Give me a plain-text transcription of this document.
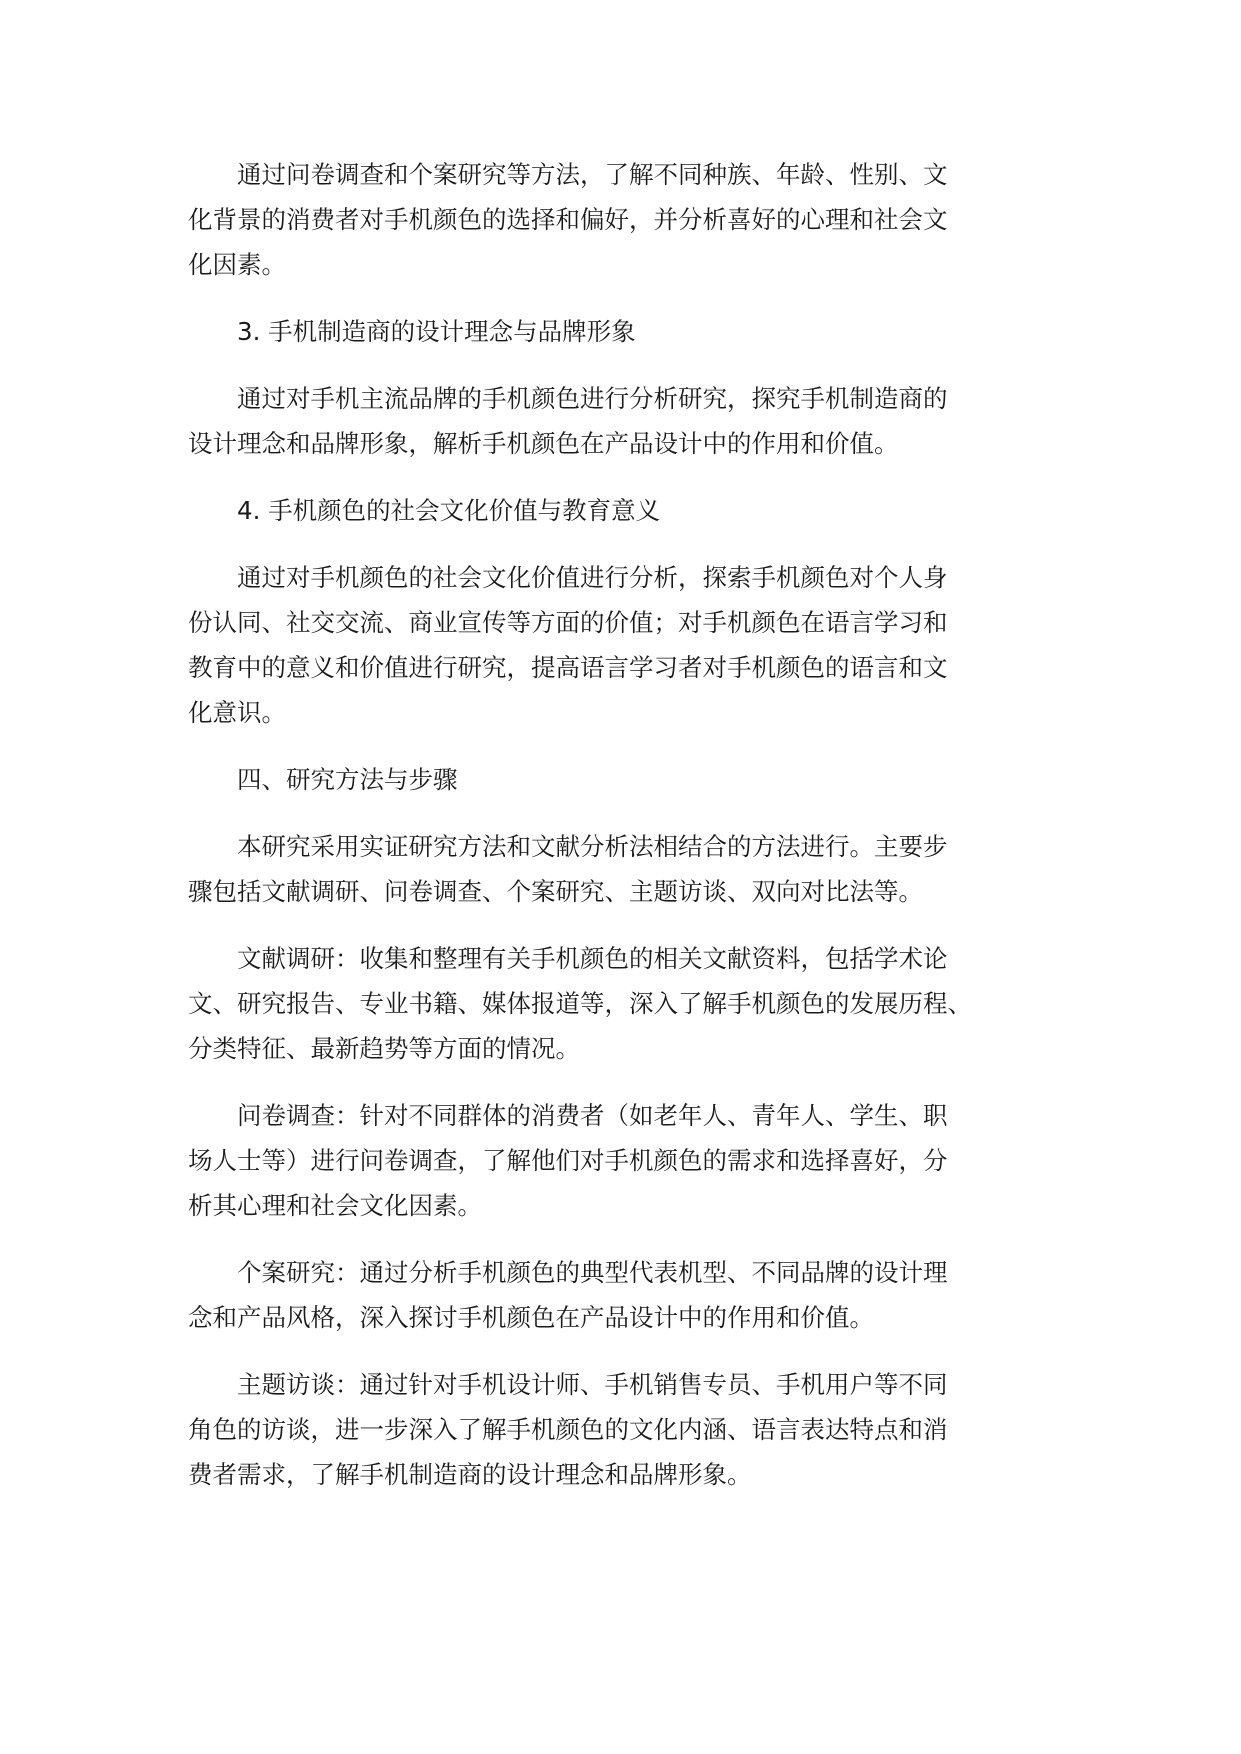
通过问卷调查和个案研究等方法，了解不同种族、年龄、性别、文
化背景的消费者对手机颜色的选择和偏好，并分析喜好的心理和社会文
化因素。

3. 手机制造商的设计理念与品牌形象

通过对手机主流品牌的手机颜色进行分析研究，探究手机制造商的
设计理念和品牌形象，解析手机颜色在产品设计中的作用和价值。

4. 手机颜色的社会文化价值与教育意义

通过对手机颜色的社会文化价值进行分析，探索手机颜色对个人身
份认同、社交交流、商业宣传等方面的价值；对手机颜色在语言学习和
教育中的意义和价值进行研究，提高语言学习者对手机颜色的语言和文
化意识。

四、研究方法与步骤

本研究采用实证研究方法和文献分析法相结合的方法进行。主要步
骤包括文献调研、问卷调查、个案研究、主题访谈、双向对比法等。

文献调研：收集和整理有关手机颜色的相关文献资料，包括学术论
文、研究报告、专业书籍、媒体报道等，深入了解手机颜色的发展历程、
分类特征、最新趋势等方面的情况。

问卷调查：针对不同群体的消费者（如老年人、青年人、学生、职
场人士等）进行问卷调查，了解他们对手机颜色的需求和选择喜好，分
析其心理和社会文化因素。

个案研究：通过分析手机颜色的典型代表机型、不同品牌的设计理
念和产品风格，深入探讨手机颜色在产品设计中的作用和价值。

主题访谈：通过针对手机设计师、手机销售专员、手机用户等不同
角色的访谈，进一步深入了解手机颜色的文化内涵、语言表达特点和消
费者需求，了解手机制造商的设计理念和品牌形象。
